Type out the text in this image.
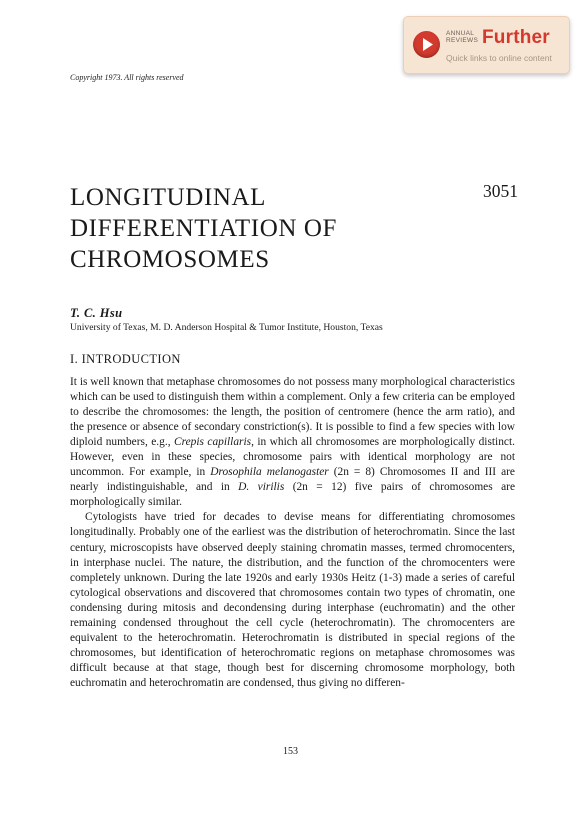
ANNUAL
REVIEWS Further
Quick links to online content
Copyright 1973. All rights reserved
LONGITUDINAL
DIFFERENTIATION OF
CHROMOSOMES
3051
T. C. Hsu
University of Texas, M. D. Anderson Hospital & Tumor Institute, Houston, Texas
I. INTRODUCTION

It is well known that metaphase chromosomes do not possess many morphological characteristics which can be used to distinguish them within a complement. Only a few criteria can be employed to describe the chromosomes: the length, the position of centromere (hence the arm ratio), and the presence or absence of secondary constriction(s). It is possible to find a few species with low diploid numbers, e.g., Crepis capillaris, in which all chromosomes are morphologically distinct. However, even in these species, chromosome pairs with identical morphology are not uncommon. For example, in Drosophila melanogaster (2n = 8) Chromosomes II and III are nearly indistinguishable, and in D. virilis (2n = 12) five pairs of chromosomes are morphologically similar.

Cytologists have tried for decades to devise means for differentiating chromosomes longitudinally. Probably one of the earliest was the distribution of heterochromatin. Since the last century, microscopists have observed deeply staining chromatin masses, termed chromocenters, in interphase nuclei. The nature, the distribution, and the function of the chromocenters were completely unknown. During the late 1920s and early 1930s Heitz (1-3) made a series of careful cytological observations and discovered that chromosomes contain two types of chromatin, one condensing during mitosis and decondensing during interphase (euchromatin) and the other remaining condensed throughout the cell cycle (heterochromatin). The chromocenters are equivalent to the heterochromatin. Heterochromatin is distributed in special regions of the chromosomes, but identification of heterochromatic regions on metaphase chromosomes was difficult because at that stage, though best for discerning chromosome morphology, both euchromatin and heterochromatin are condensed, thus giving no differen-

153
